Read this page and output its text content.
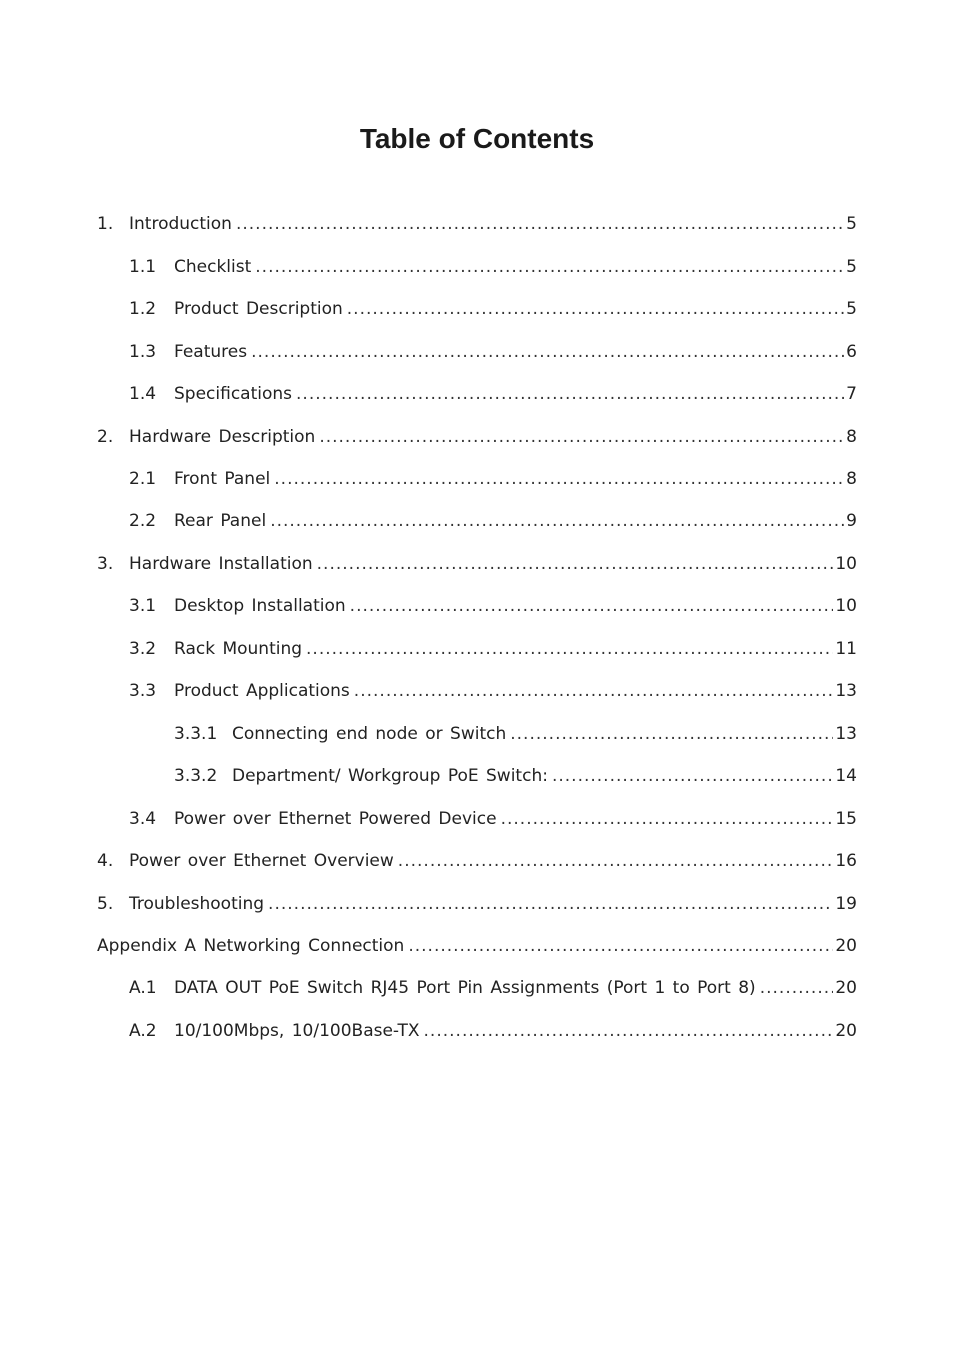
Table of Contents
1. Introduction .....	5
1.1	Checklist .....	5
1.2	Product Description .....	5
1.3	Features .....	6
1.4	Specifications .....	7
2. Hardware Description .....	8
2.1	Front Panel .....	8
2.2	Rear Panel .....	9
3. Hardware Installation .....	10
3.1	Desktop Installation .....	10
3.2	Rack Mounting .....	11
3.3	Product Applications .....	13
3.3.1 Connecting end node or Switch .....	13
3.3.2 Department/ Workgroup PoE Switch: .....	14
3.4	Power over Ethernet Powered Device .....	15
4. Power over Ethernet Overview .....	16
5. Troubleshooting .....	19
Appendix A Networking Connection .....	20
A.1	DATA OUT PoE Switch RJ45 Port Pin Assignments (Port 1 to Port 8) .....	20
A.2	10/100Mbps, 10/100Base-TX .....	20
